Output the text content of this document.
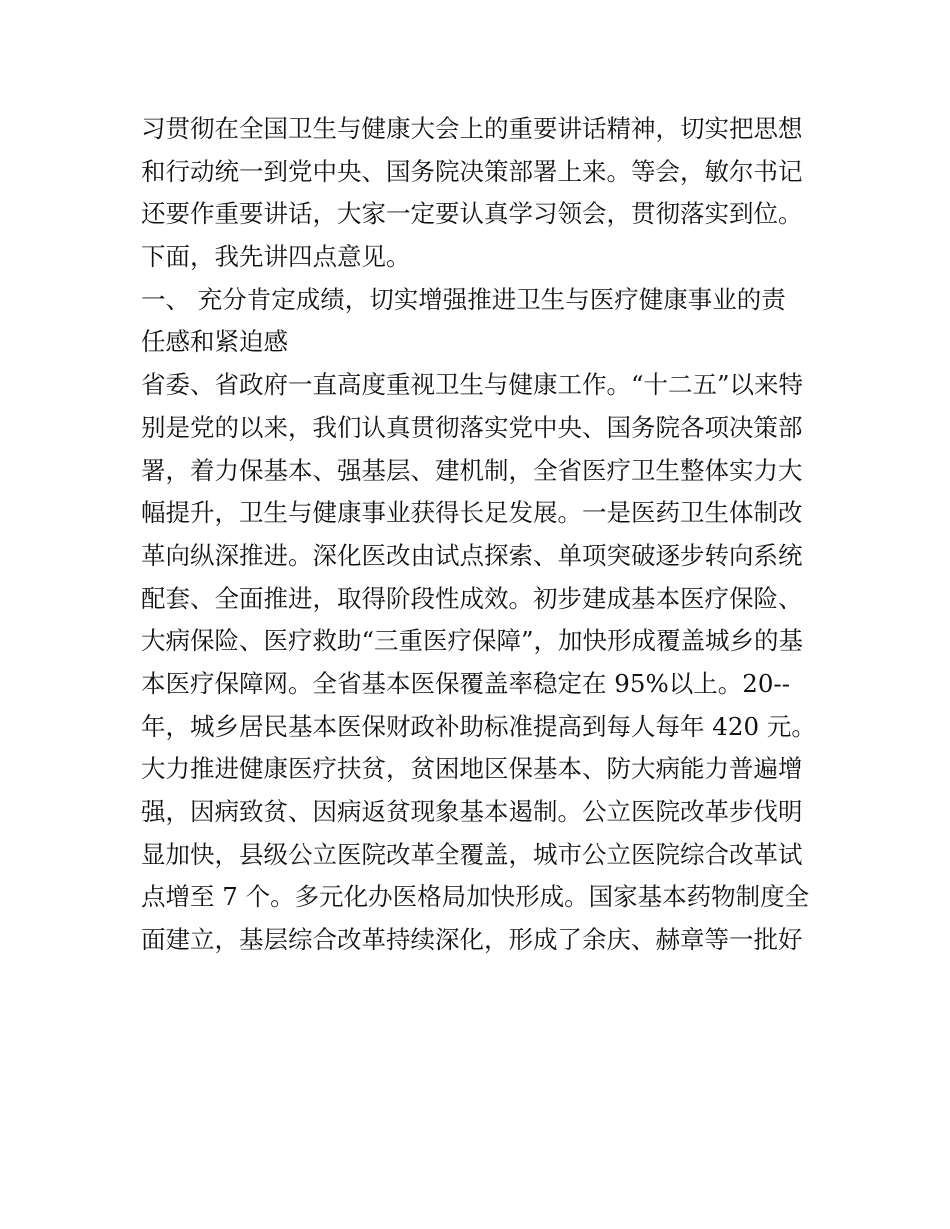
习贯彻在全国卫生与健康大会上的重要讲话精神，切实把思想
和行动统一到党中央、国务院决策部署上来。等会，敏尔书记
还要作重要讲话，大家一定要认真学习领会，贯彻落实到位。
下面，我先讲四点意见。
一、 充分肯定成绩，切实增强推进卫生与医疗健康事业的责
任感和紧迫感
省委、省政府一直高度重视卫生与健康工作。“十二五”以来特
别是党的以来，我们认真贯彻落实党中央、国务院各项决策部
署，着力保基本、强基层、建机制，全省医疗卫生整体实力大
幅提升，卫生与健康事业获得长足发展。一是医药卫生体制改
革向纵深推进。深化医改由试点探索、单项突破逐步转向系统
配套、全面推进，取得阶段性成效。初步建成基本医疗保险、
大病保险、医疗救助“三重医疗保障”，加快形成覆盖城乡的基
本医疗保障网。全省基本医保覆盖率稳定在 95%以上。20--
年，城乡居民基本医保财政补助标准提高到每人每年 420 元。
大力推进健康医疗扶贫，贫困地区保基本、防大病能力普遍增
强，因病致贫、因病返贫现象基本遏制。公立医院改革步伐明
显加快，县级公立医院改革全覆盖，城市公立医院综合改革试
点增至 7 个。多元化办医格局加快形成。国家基本药物制度全
面建立，基层综合改革持续深化，形成了余庆、赫章等一批好
